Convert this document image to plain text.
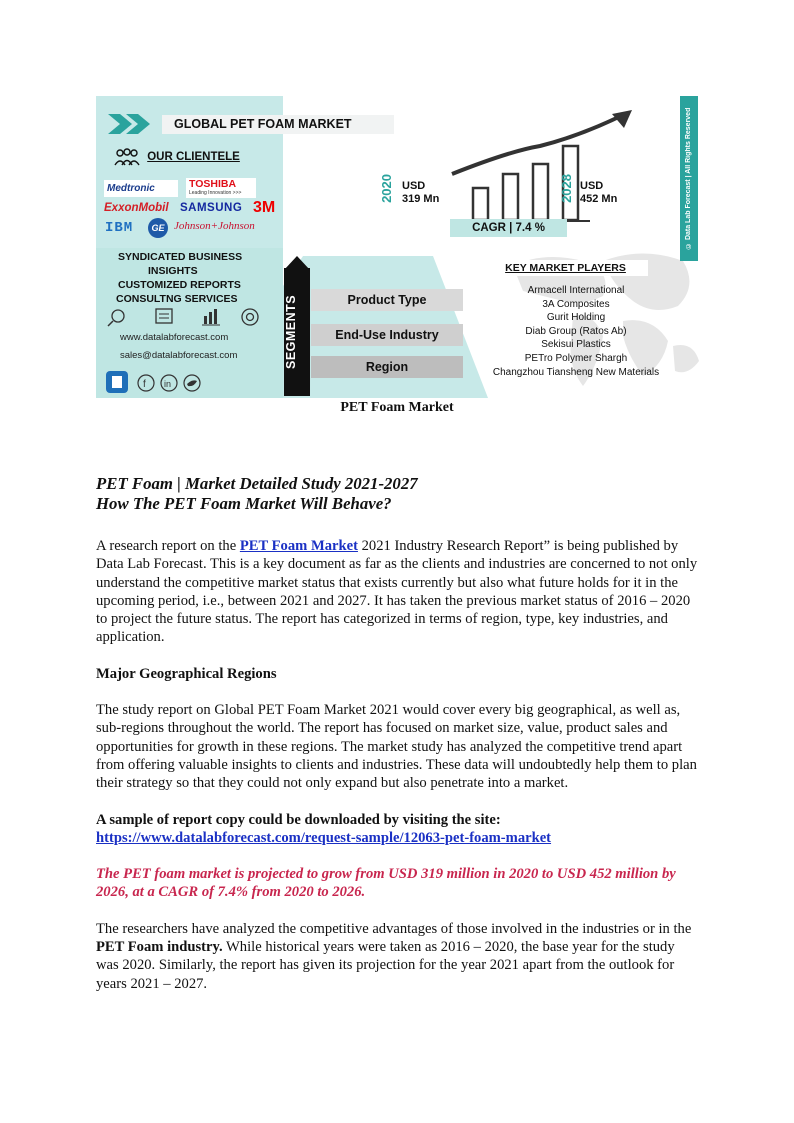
GLOBAL PET FOAM MARKET
OUR CLIENTELE
Medtronic	TOSHIBA
Leading Innovation >>>
ExxonMobil SAMSUNG 3M
IBM	GE Johnson+Johnson
SYNDICATED BUSINESS
INSIGHTS
CUSTOMIZED REPORTS
CONSULTNG SERVICES
www.datalabforecast.com
sales@datalabforecast.com
f in
SEGMENTS	Product Type
End-Use Industry
Region
2020	2028
USD
319 Mn
USD
452 Mn
CAGR | 7.4 %
KEY MARKET PLAYERS
Armacell International
3A Composites
Gurit Holding
Diab Group (Ratos Ab)
Sekisui Plastics
PETro Polymer Shargh
Changzhou Tiansheng New Materials
© Data Lab Forecast | All Rights Reserved
PET Foam Market

PET Foam | Market Detailed Study 2021-2027

How The PET Foam Market Will Behave?

A research report on the PET Foam Market 2021 Industry Research Report” is being published by Data Lab Forecast. This is a key document as far as the clients and industries are concerned to not only understand the competitive market status that exists currently but also what future holds for it in the upcoming period, i.e., between 2021 and 2027. It has taken the previous market status of 2016 – 2020 to project the future status. The report has categorized in terms of region, type, key industries, and application.

Major Geographical Regions

The study report on Global PET Foam Market 2021 would cover every big geographical, as well as, sub-regions throughout the world. The report has focused on market size, value, product sales and opportunities for growth in these regions. The market study has analyzed the competitive trend apart from offering valuable insights to clients and industries. These data will undoubtedly help them to plan their strategy so that they could not only expand but also penetrate into a market.

A sample of report copy could be downloaded by visiting the site:

https://www.datalabforecast.com/request-sample/12063-pet-foam-market

The PET foam market is projected to grow from USD 319 million in 2020 to USD 452 million by 2026, at a CAGR of 7.4% from 2020 to 2026.

The researchers have analyzed the competitive advantages of those involved in the industries or in the PET Foam industry. While historical years were taken as 2016 – 2020, the base year for the study was 2020. Similarly, the report has given its projection for the year 2021 apart from the outlook for years 2021 – 2027.
